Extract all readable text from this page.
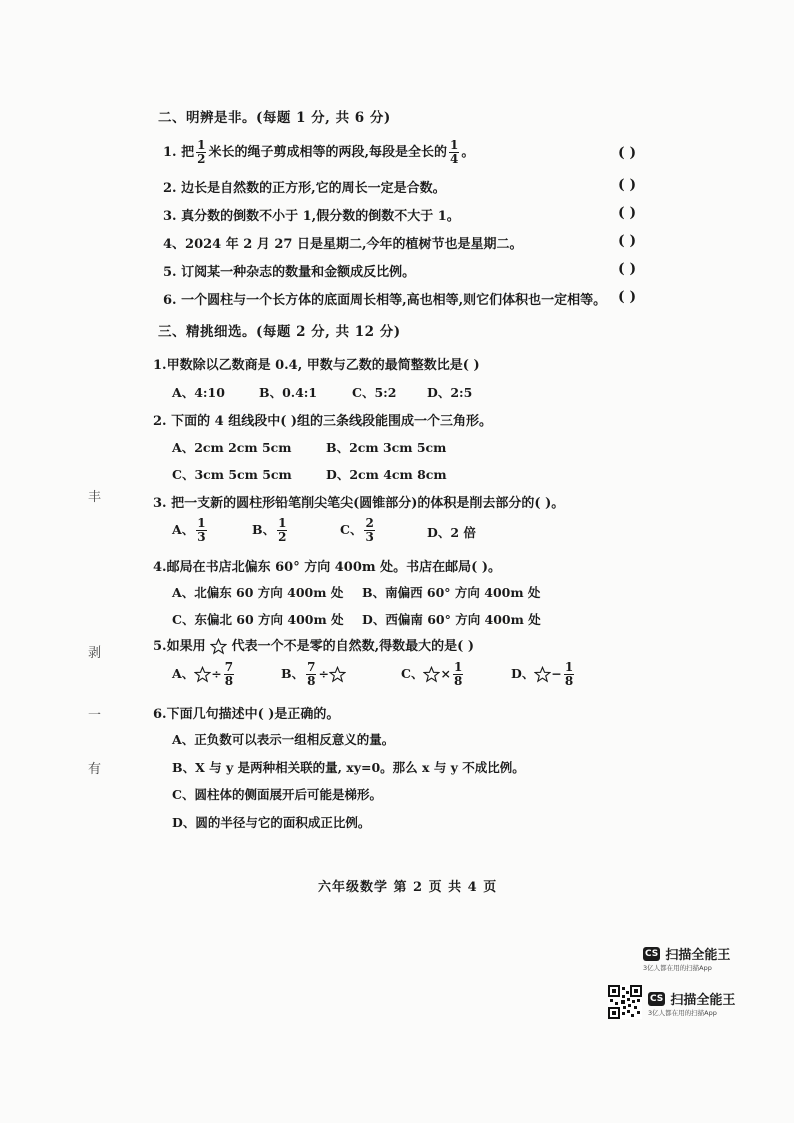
二、明辨是非。(每题 1 分, 共 6 分)
1. 把 $\frac{1}{2}$ 米长的绳子剪成相等的两段,每段是全长的 $\frac{1}{4}$ 。	( )
2. 边长是自然数的正方形,它的周长一定是合数。	( )
3. 真分数的倒数不小于 1,假分数的倒数不大于 1。	( )
4、2024 年 2 月 27 日是星期二,今年的植树节也是星期二。	( )
5. 订阅某一种杂志的数量和金额成反比例。	( )
6. 一个圆柱与一个长方体的底面周长相等,高也相等,则它们体积也一定相等。 ( )
三、精挑细选。(每题 2 分, 共 12 分)
1.甲数除以乙数商是 0.4, 甲数与乙数的最简整数比是( )
A、4:10	B、0.4:1	C、5:2 D、2:5
2. 下面的 4 组线段中( )组的三条线段能围成一个三角形。
A、2cm 2cm 5cm	B、2cm 3cm 5cm
C、3cm 5cm 5cm	D、2cm 4cm 8cm
3. 把一支新的圆柱形铅笔削尖笔尖(圆锥部分)的体积是削去部分的( )。
A、 $\frac{1}{3}$	B、 $\frac{1}{2}$	C、 $\frac{2}{3}$	D、2 倍
4.邮局在书店北偏东 60° 方向 400m 处。书店在邮局( )。
A、北偏东 60 方向 400m 处 B、南偏西 60° 方向 400m 处
C、东偏北 60 方向 400m 处 D、西偏南 60° 方向 400m 处
5.如果用 代表一个不是零的自然数,得数最大的是( )
A、 ÷ $\frac{7}{8}$	B、 $\frac{7}{8}$ ÷	C、 × $\frac{1}{8}$	D、 − $\frac{1}{8}$
6.下面几句描述中( )是正确的。
A、正负数可以表示一组相反意义的量。
B、X 与 y 是两种相关联的量, xy=0。那么 x 与 y 不成比例。
C、圆柱体的侧面展开后可能是梯形。
D、圆的半径与它的面积成正比例。
丰
剥
一
有
六年级数学 第 2 页 共 4 页
CS 扫描全能王
3亿人都在用的扫描App
CS 扫描全能王
3亿人都在用的扫描App
